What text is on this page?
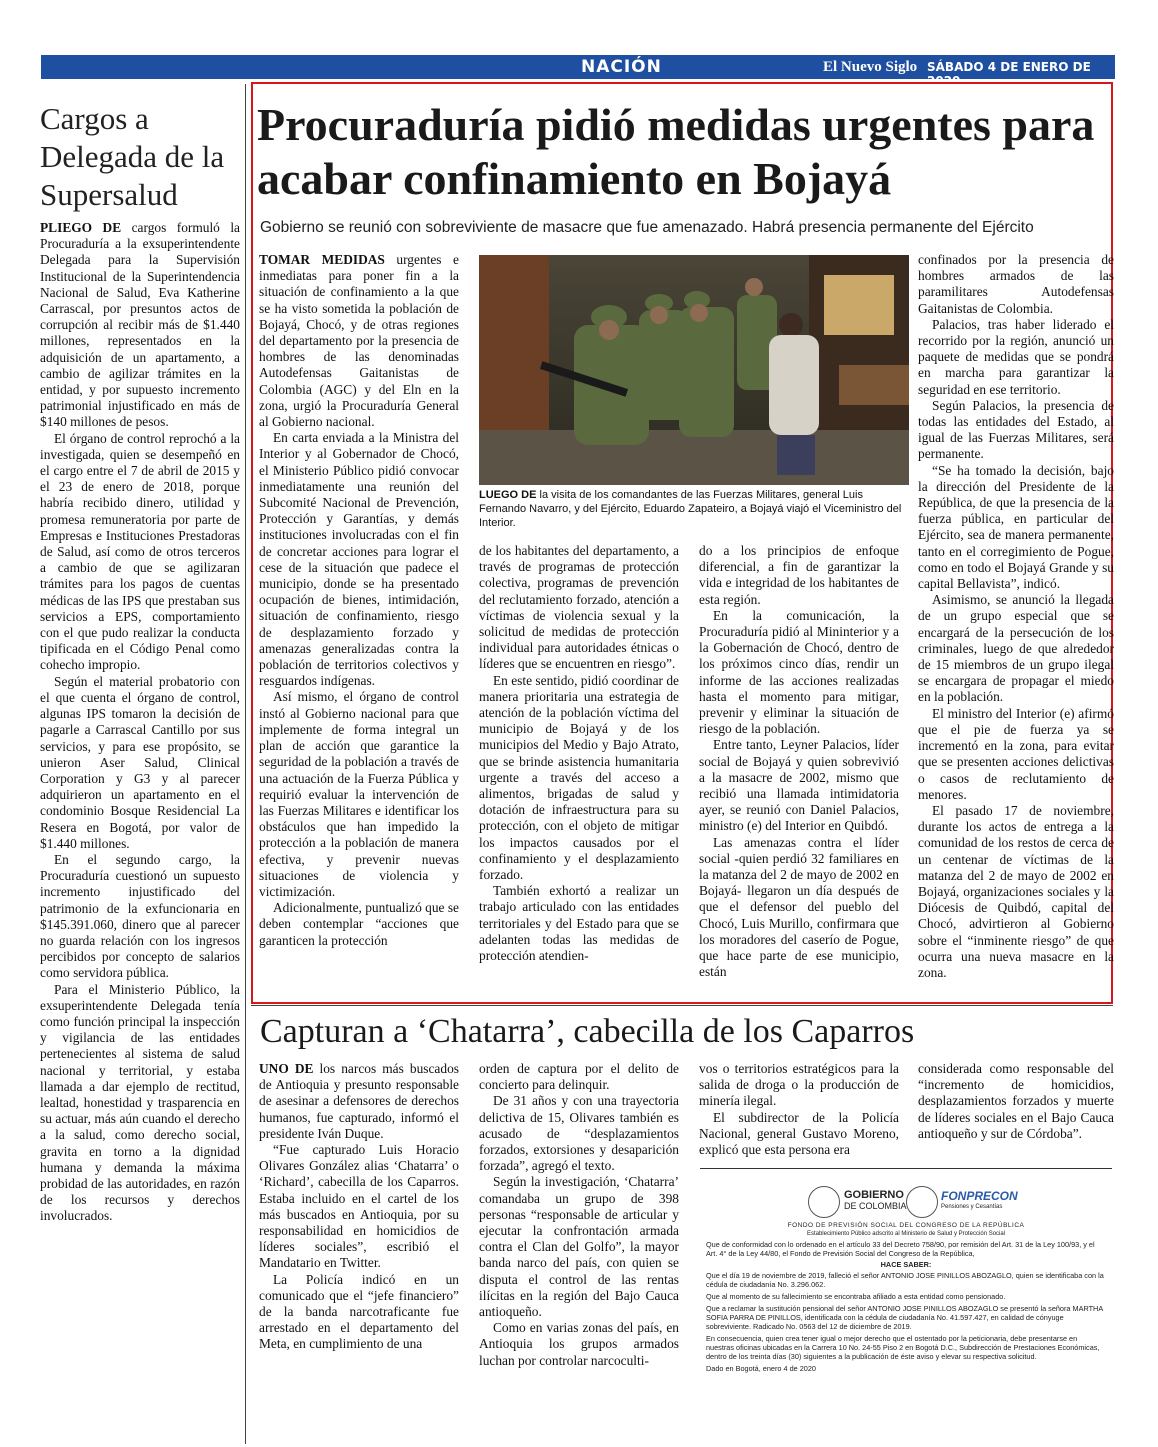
NACIÓN	El Nuevo Siglo SÁBADO 4 DE ENERO DE 2020
9B
Cargos a Delegada de la Supersalud

PLIEGO DE cargos formuló la Procuraduría a la exsuperintendente Delegada para la Supervisión Institucional de la Superintendencia Nacional de Salud, Eva Katherine Carrascal, por presuntos actos de corrupción al recibir más de $1.440 millones, representados en la adquisición de un apartamento, a cambio de agilizar trámites en la entidad, y por supuesto incremento patrimonial injustificado en más de $140 millones de pesos.

El órgano de control reprochó a la investigada, quien se desempeñó en el cargo entre el 7 de abril de 2015 y el 23 de enero de 2018, porque habría recibido dinero, utilidad y promesa remuneratoria por parte de Empresas e Instituciones Prestadoras de Salud, así como de otros terceros a cambio de que se agilizaran trámites para los pagos de cuentas médicas de las IPS que prestaban sus servicios a EPS, comportamiento con el que pudo realizar la conducta tipificada en el Código Penal como cohecho impropio.

Según el material probatorio con el que cuenta el órgano de control, algunas IPS tomaron la decisión de pagarle a Carrascal Cantillo por sus servicios, y para ese propósito, se unieron Aser Salud, Clinical Corporation y G3 y al parecer adquirieron un apartamento en el condominio Bosque Residencial La Resera en Bogotá, por valor de $1.440 millones.

En el segundo cargo, la Procuraduría cuestionó un supuesto incremento injustificado del patrimonio de la exfuncionaria en $145.391.060, dinero que al parecer no guarda relación con los ingresos percibidos por concepto de salarios como servidora pública.

Para el Ministerio Público, la exsuperintendente Delegada tenía como función principal la inspección y vigilancia de las entidades pertenecientes al sistema de salud nacional y territorial, y estaba llamada a dar ejemplo de rectitud, lealtad, honestidad y trasparencia en su actuar, más aún cuando el derecho a la salud, como derecho social, gravita en torno a la dignidad humana y demanda la máxima probidad de las autoridades, en razón de los recursos y derechos involucrados.

Procuraduría pidió medidas urgentes para acabar confinamiento en Bojayá
Gobierno se reunió con sobreviviente de masacre que fue amenazado. Habrá presencia permanente del Ejército

TOMAR MEDIDAS urgentes e inmediatas para poner fin a la situación de confinamiento a la que se ha visto sometida la población de Bojayá, Chocó, y de otras regiones del departamento por la presencia de hombres de las denominadas Autodefensas Gaitanistas de Colombia (AGC) y del Eln en la zona, urgió la Procuraduría General al Gobierno nacional.

En carta enviada a la Ministra del Interior y al Gobernador de Chocó, el Ministerio Público pidió convocar inmediatamente una reunión del Subcomité Nacional de Prevención, Protección y Garantías, y demás instituciones involucradas con el fin de concretar acciones para lograr el cese de la situación que padece el municipio, donde se ha presentado ocupación de bienes, intimidación, situación de confinamiento, riesgo de desplazamiento forzado y amenazas generalizadas contra la población de territorios colectivos y resguardos indígenas.

Así mismo, el órgano de control instó al Gobierno nacional para que implemente de forma integral un plan de acción que garantice la seguridad de la población a través de una actuación de la Fuerza Pública y requirió evaluar la intervención de las Fuerzas Militares e identificar los obstáculos que han impedido la protección a la población de manera efectiva, y prevenir nuevas situaciones de violencia y victimización.

Adicionalmente, puntualizó que se deben contemplar “acciones que garanticen la protección

LUEGO DE la visita de los comandantes de las Fuerzas Militares, general Luis Fernando Navarro, y del Ejército, Eduardo Zapateiro, a Bojayá viajó el Viceministro del Interior.

de los habitantes del departamento, a través de programas de protección colectiva, programas de prevención del reclutamiento forzado, atención a víctimas de violencia sexual y la solicitud de medidas de protección individual para autoridades étnicas o líderes que se encuentren en riesgo”.

En este sentido, pidió coordinar de manera prioritaria una estrategia de atención de la población víctima del municipio de Bojayá y de los municipios del Medio y Bajo Atrato, que se brinde asistencia humanitaria urgente a través del acceso a alimentos, brigadas de salud y dotación de infraestructura para su protección, con el objeto de mitigar los impactos causados por el confinamiento y el desplazamiento forzado.

También exhortó a realizar un trabajo articulado con las entidades territoriales y del Estado para que se adelanten todas las medidas de protección atendien-

do a los principios de enfoque diferencial, a fin de garantizar la vida e integridad de los habitantes de esta región.

En la comunicación, la Procuraduría pidió al Mininterior y a la Gobernación de Chocó, dentro de los próximos cinco días, rendir un informe de las acciones realizadas hasta el momento para mitigar, prevenir y eliminar la situación de riesgo de la población.

Entre tanto, Leyner Palacios, líder social de Bojayá y quien sobrevivió a la masacre de 2002, mismo que recibió una llamada intimidatoria ayer, se reunió con Daniel Palacios, ministro (e) del Interior en Quibdó.

Las amenazas contra el líder social -quien perdió 32 familiares en la matanza del 2 de mayo de 2002 en Bojayá- llegaron un día después de que el defensor del pueblo del Chocó, Luis Murillo, confirmara que los moradores del caserío de Pogue, que hace parte de ese municipio, están

confinados por la presencia de hombres armados de las paramilitares Autodefensas Gaitanistas de Colombia.

Palacios, tras haber liderado el recorrido por la región, anunció un paquete de medidas que se pondrá en marcha para garantizar la seguridad en ese territorio.

Según Palacios, la presencia de todas las entidades del Estado, al igual de las Fuerzas Militares, será permanente.

“Se ha tomado la decisión, bajo la dirección del Presidente de la República, de que la presencia de la fuerza pública, en particular del Ejército, sea de manera permanente, tanto en el corregimiento de Pogue, como en todo el Bojayá Grande y su capital Bellavista”, indicó.

Asimismo, se anunció la llegada de un grupo especial que se encargará de la persecución de los criminales, luego de que alrededor de 15 miembros de un grupo ilegal se encargara de propagar el miedo en la población.

El ministro del Interior (e) afirmó que el pie de fuerza ya se incrementó en la zona, para evitar que se presenten acciones delictivas o casos de reclutamiento de menores.

El pasado 17 de noviembre, durante los actos de entrega a la comunidad de los restos de cerca de un centenar de víctimas de la matanza del 2 de mayo de 2002 en Bojayá, organizaciones sociales y la Diócesis de Quibdó, capital del Chocó, advirtieron al Gobierno sobre el “inminente riesgo” de que ocurra una nueva masacre en la zona.

Capturan a ‘Chatarra’, cabecilla de los Caparros

UNO DE los narcos más buscados de Antioquia y presunto responsable de asesinar a defensores de derechos humanos, fue capturado, informó el presidente Iván Duque.

“Fue capturado Luis Horacio Olivares González alias ‘Chatarra’ o ‘Richard’, cabecilla de los Caparros. Estaba incluido en el cartel de los más buscados en Antioquia, por su responsabilidad en homicidios de líderes sociales”, escribió el Mandatario en Twitter.

La Policía indicó en un comunicado que el “jefe financiero” de la banda narcotraficante fue arrestado en el departamento del Meta, en cumplimiento de una

orden de captura por el delito de concierto para delinquir.

De 31 años y con una trayectoria delictiva de 15, Olivares también es acusado de “desplazamientos forzados, extorsiones y desaparición forzada”, agregó el texto.

Según la investigación, ‘Chatarra’ comandaba un grupo de 398 personas “responsable de articular y ejecutar la confrontación armada contra el Clan del Golfo”, la mayor banda narco del país, con quien se disputa el control de las rentas ilícitas en la región del Bajo Cauca antioqueño.

Como en varias zonas del país, en Antioquia los grupos armados luchan por controlar narcoculti-

vos o territorios estratégicos para la salida de droga o la producción de minería ilegal.

El subdirector de la Policía Nacional, general Gustavo Moreno, explicó que esta persona era

considerada como responsable del “incremento de homicidios, desplazamientos forzados y muerte de líderes sociales en el Bajo Cauca antioqueño y sur de Córdoba”.

GOBIERNO
DE COLOMBIA
FONPRECON
Pensiones y Cesantías
FONDO DE PREVISIÓN SOCIAL DEL CONGRESO DE LA REPÚBLICA
Establecimiento Público adscrito al Ministerio de Salud y Protección Social

Que de conformidad con lo ordenado en el artículo 33 del Decreto 758/90, por remisión del Art. 31 de la Ley 100/93, y el Art. 4° de la Ley 44/80, el Fondo de Previsión Social del Congreso de la República,

HACE SABER:

Que el día 19 de noviembre de 2019, falleció el señor ANTONIO JOSE PINILLOS ABOZAGLO, quien se identificaba con la cédula de ciudadanía No. 3.296.062.

Que al momento de su fallecimiento se encontraba afiliado a esta entidad como pensionado.

Que a reclamar la sustitución pensional del señor ANTONIO JOSE PINILLOS ABOZAGLO se presentó la señora MARTHA SOFIA PARRA DE PINILLOS, identificada con la cédula de ciudadanía No. 41.597.427, en calidad de cónyuge sobreviviente. Radicado No. 0563 del 12 de diciembre de 2019.

En consecuencia, quien crea tener igual o mejor derecho que el ostentado por la peticionaria, debe presentarse en nuestras oficinas ubicadas en la Carrera 10 No. 24-55 Piso 2 en Bogotá D.C., Subdirección de Prestaciones Económicas, dentro de los treinta días (30) siguientes a la publicación de éste aviso y elevar su respectiva solicitud.

Dado en Bogotá, enero 4 de 2020
